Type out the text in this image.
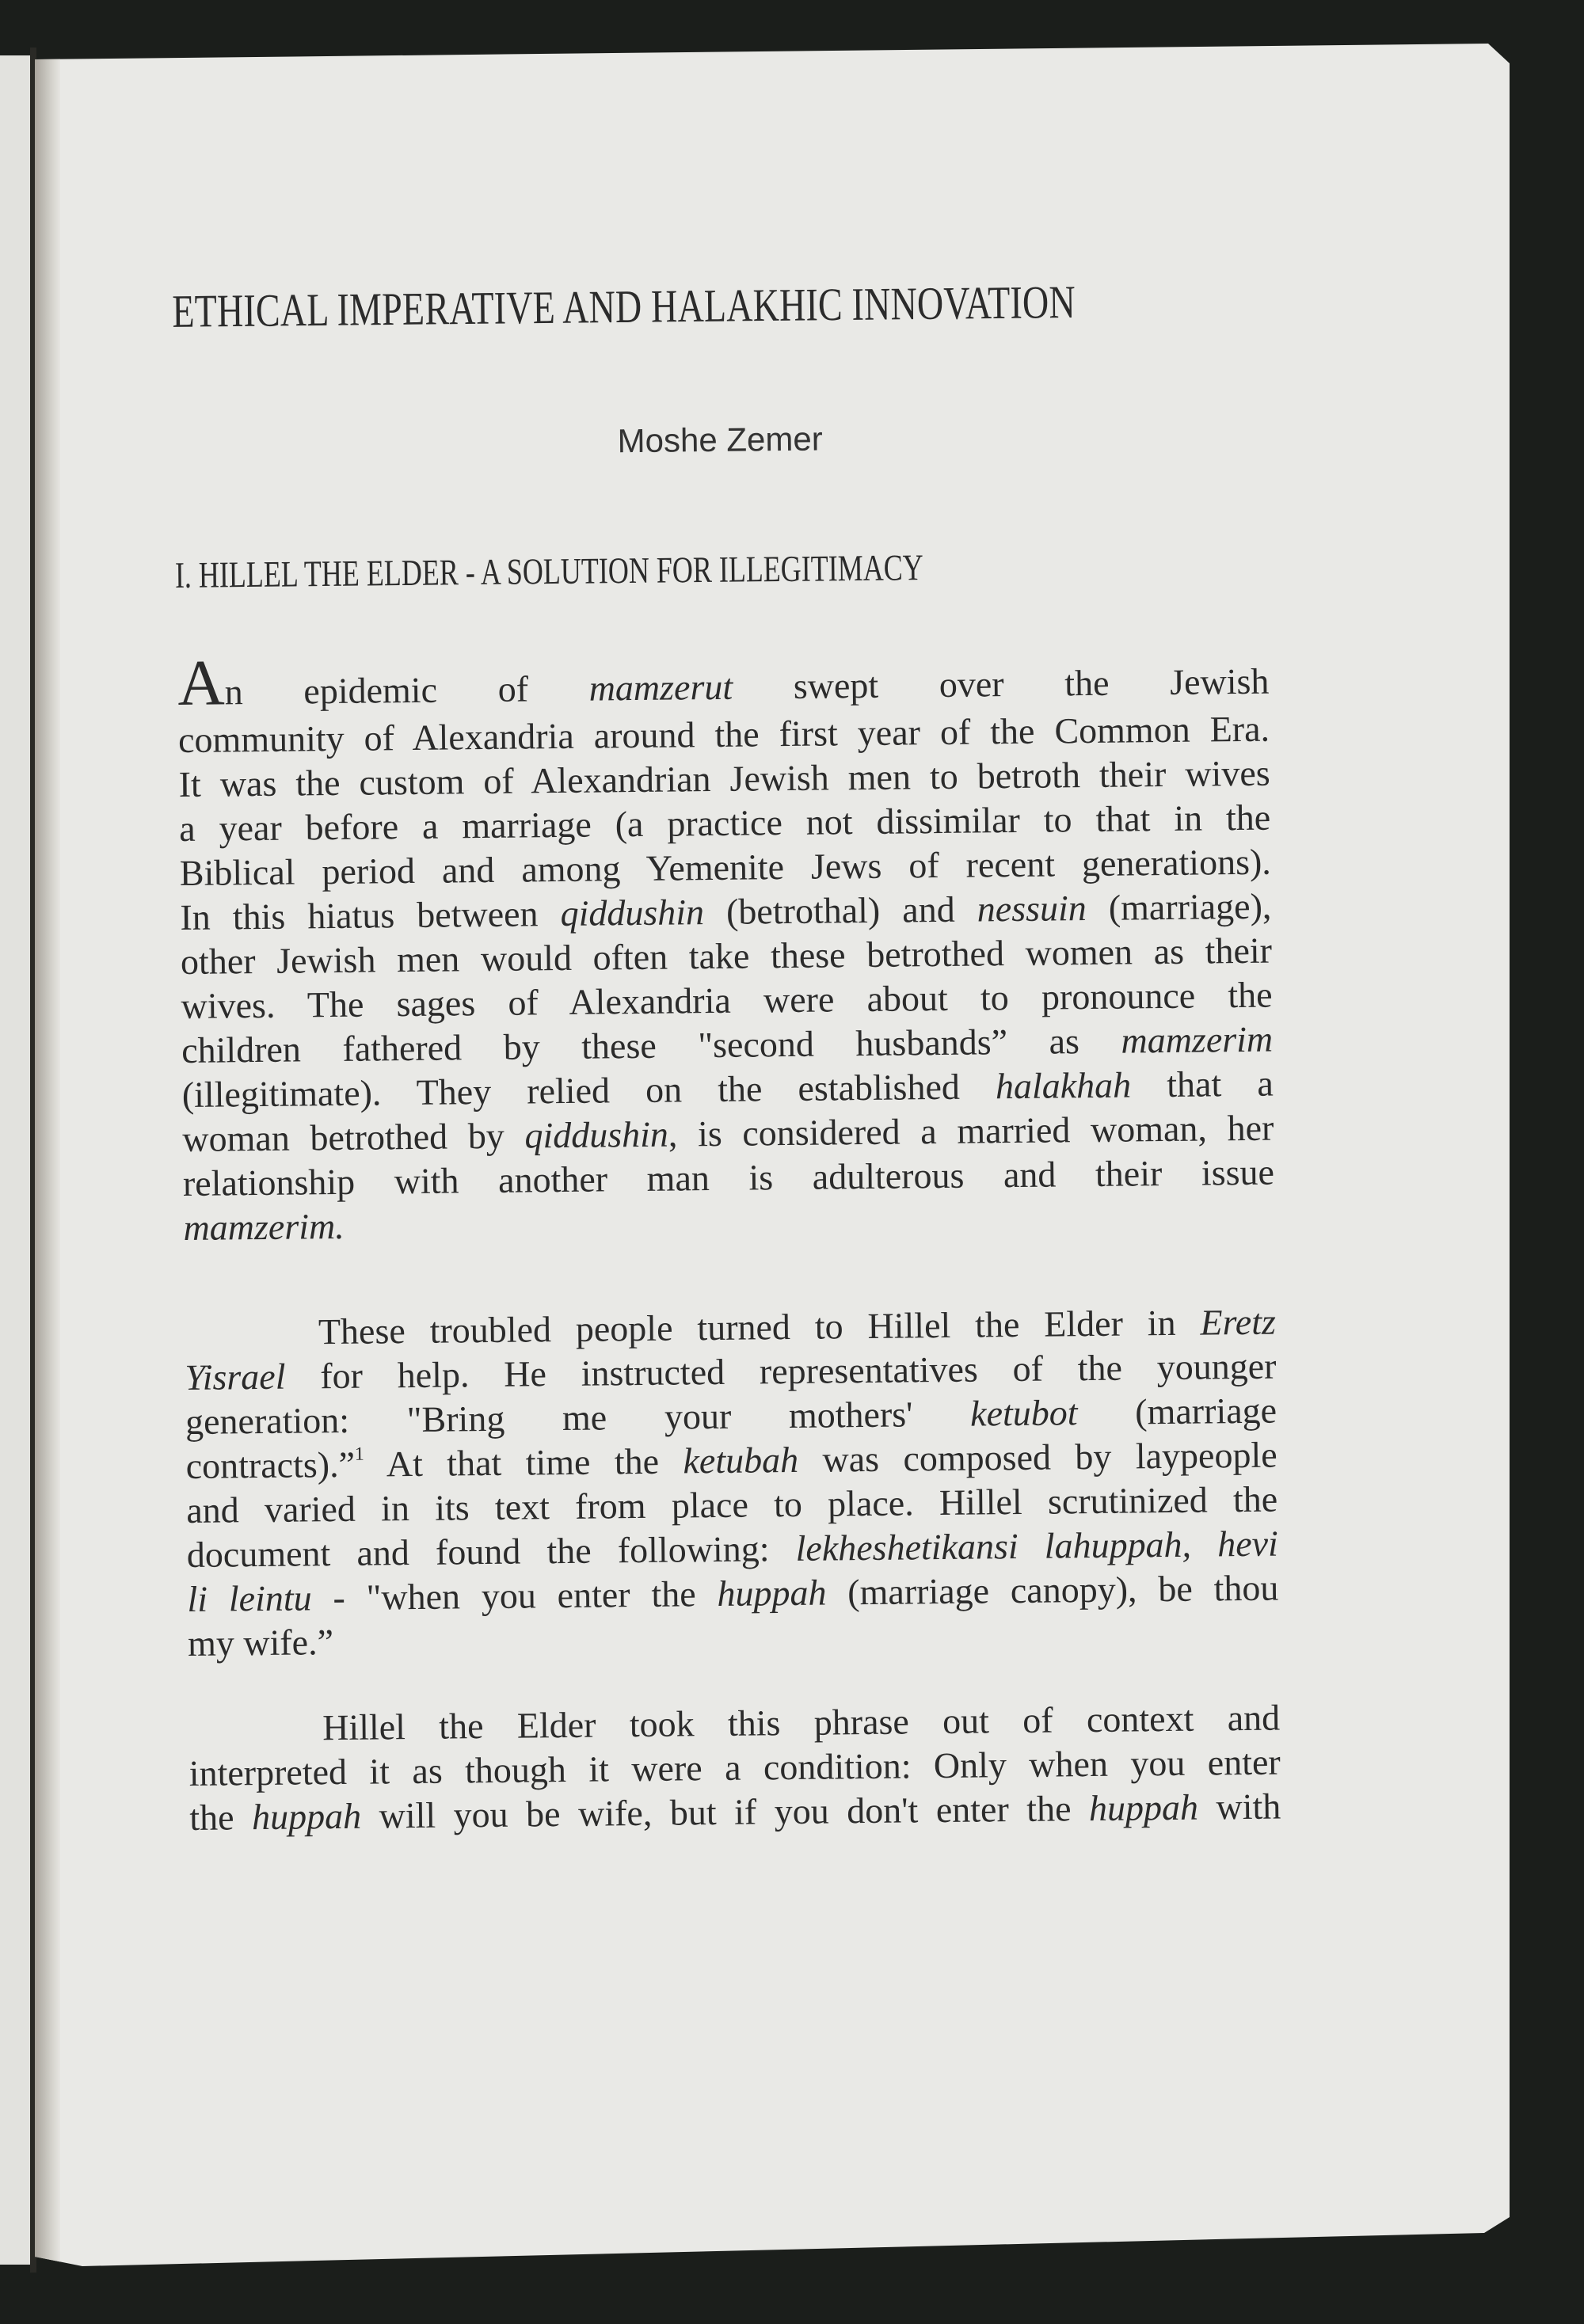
ETHICAL IMPERATIVE AND HALAKHIC INNOVATION
Moshe Zemer
I. HILLEL THE ELDER - A SOLUTION FOR ILLEGITIMACY
An epidemic of mamzerut swept over the Jewish
community of Alexandria around the first year of the Common Era.
It was the custom of Alexandrian Jewish men to betroth their wives
a year before a marriage (a practice not dissimilar to that in the
Biblical period and among Yemenite Jews of recent generations).
In this hiatus between qiddushin (betrothal) and nessuin (marriage),
other Jewish men would often take these betrothed women as their
wives. The sages of Alexandria were about to pronounce the
children fathered by these "second husbands” as mamzerim
(illegitimate). They relied on the established halakhah that a
woman betrothed by qiddushin, is considered a married woman, her
relationship with another man is adulterous and their issue
mamzerim.
These troubled people turned to Hillel the Elder in Eretz
Yisrael for help. He instructed representatives of the younger
generation: "Bring me your mothers' ketubot (marriage
contracts).”$^1$ At that time the ketubah was composed by laypeople
and varied in its text from place to place. Hillel scrutinized the
document and found the following: lekheshetikansi lahuppah, hevi
li leintu - "when you enter the huppah (marriage canopy), be thou
my wife.”
Hillel the Elder took this phrase out of context and
interpreted it as though it were a condition: Only when you enter
the huppah will you be wife, but if you don't enter the huppah with
